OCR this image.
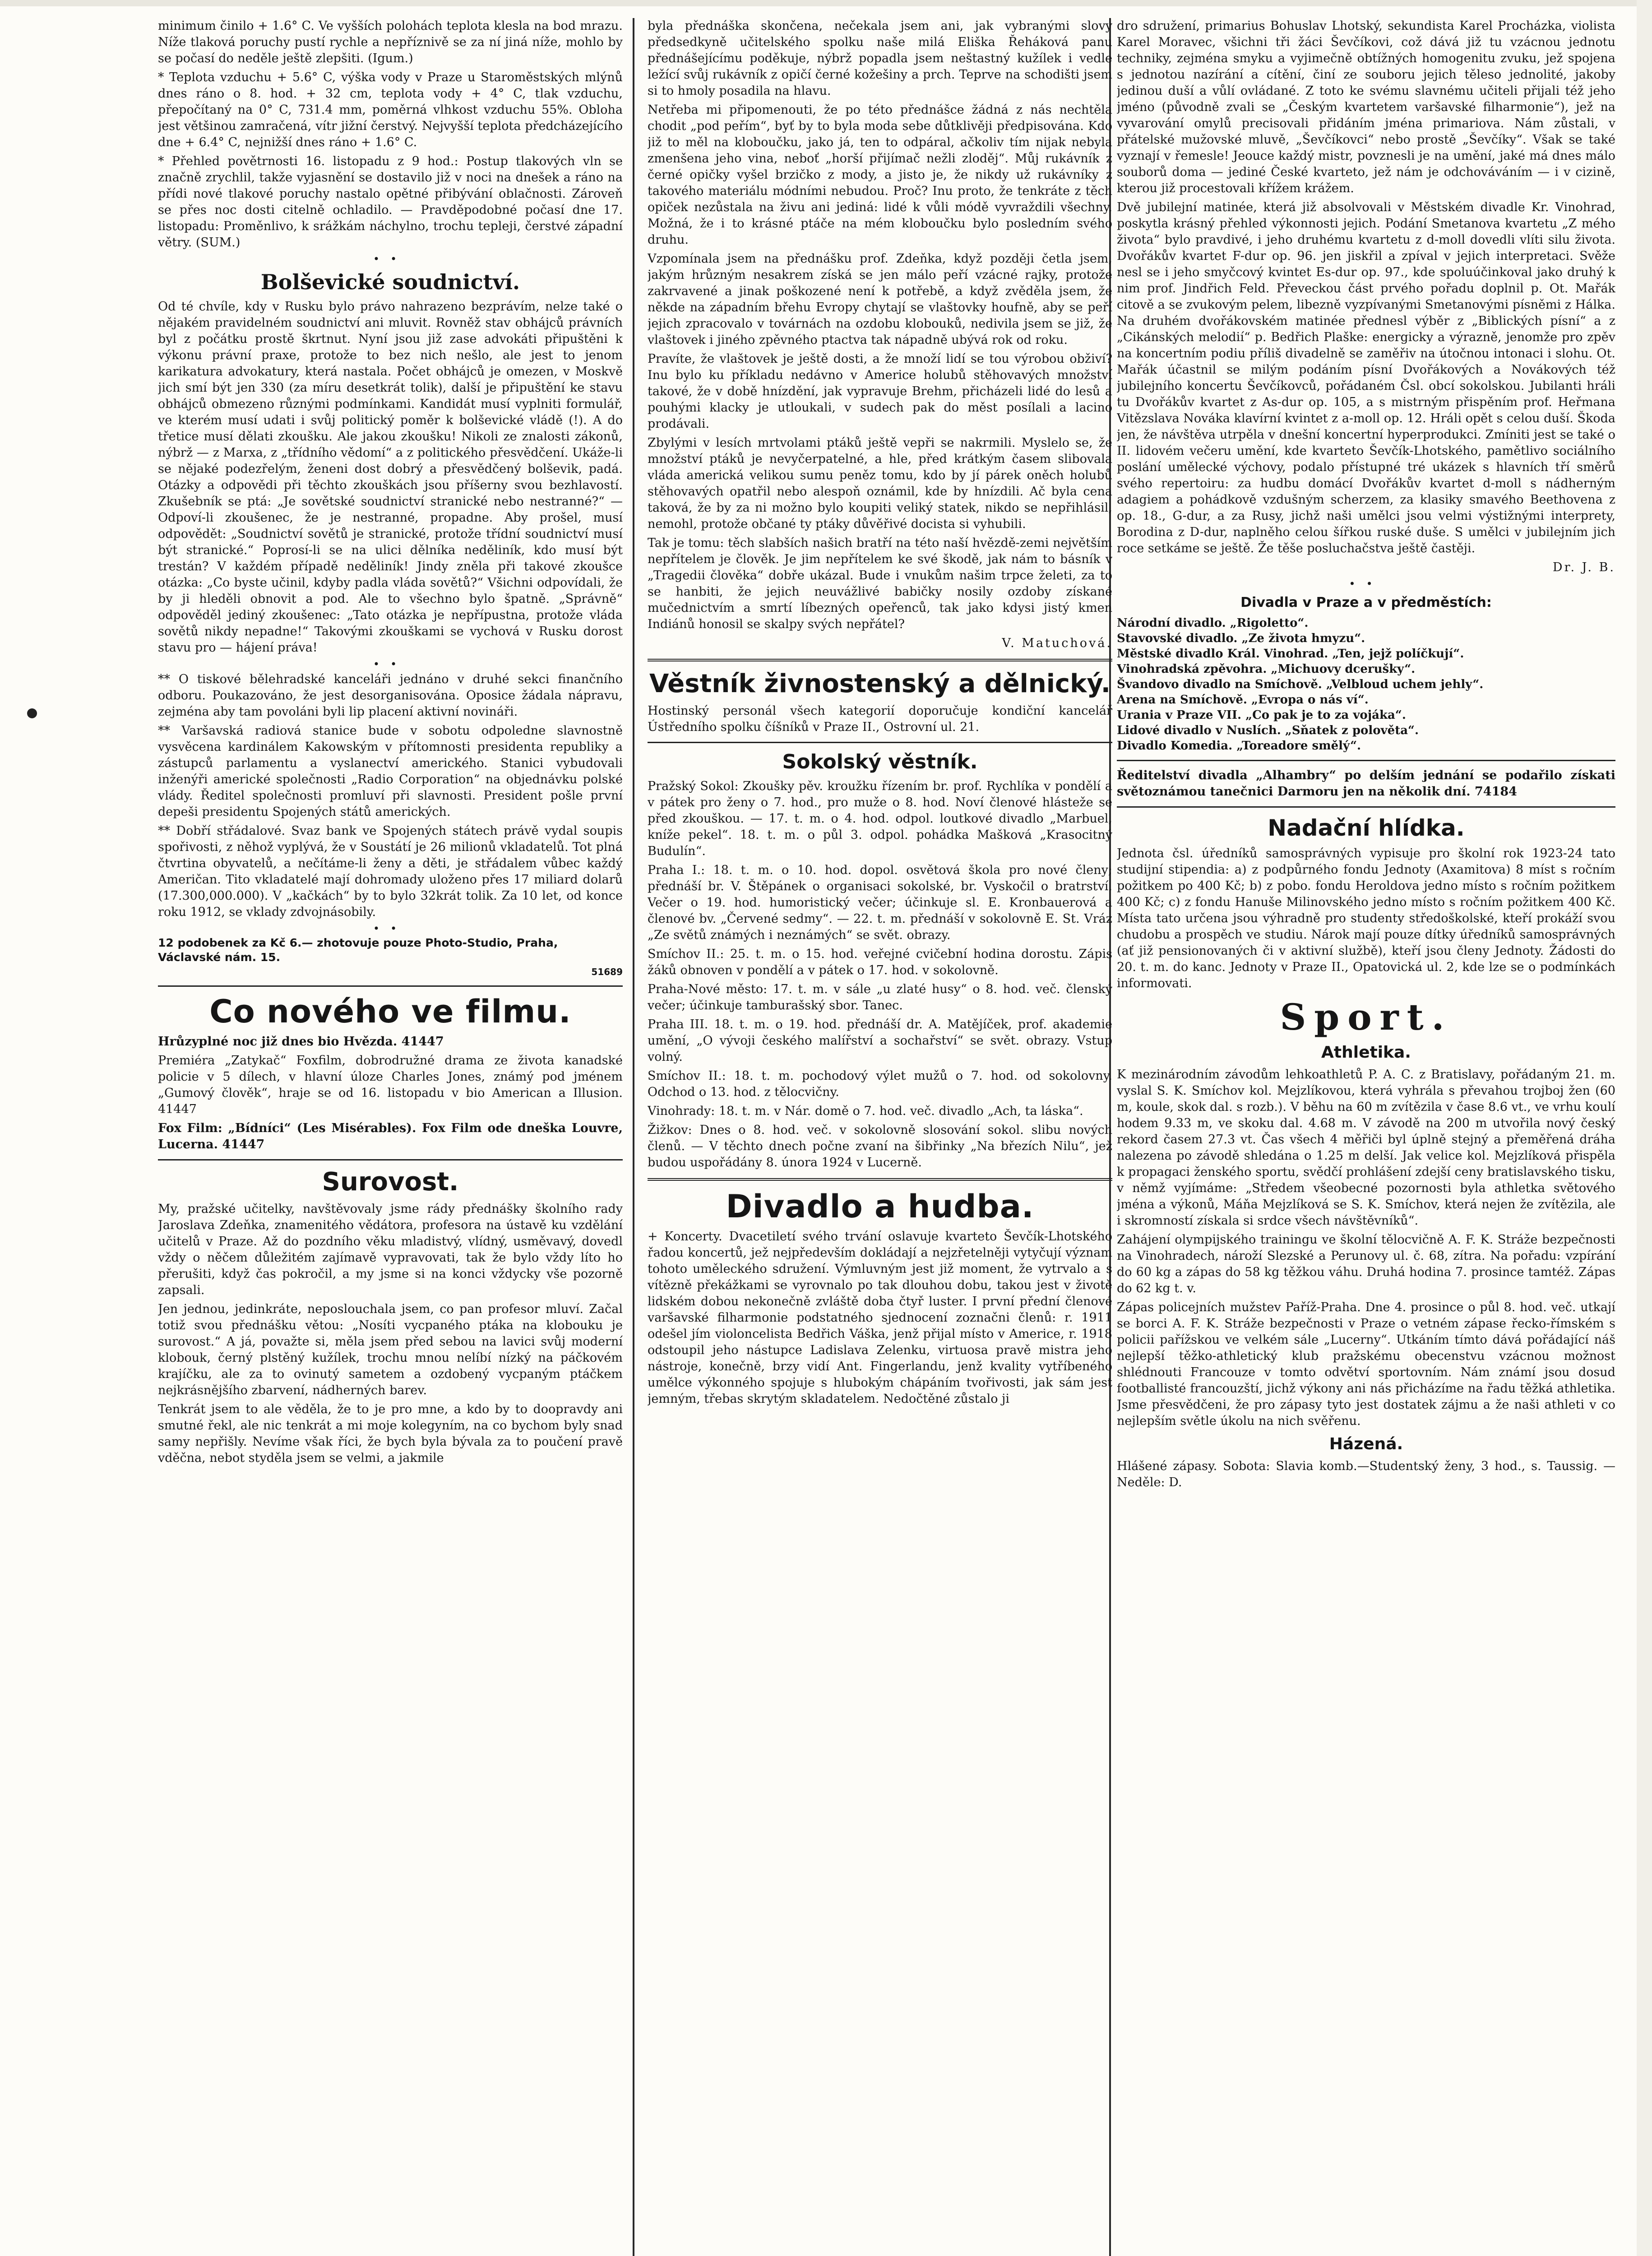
minimum činilo + 1.6° C. Ve vyšších polohách teplota klesla na bod mrazu. Níže tlaková poruchy pustí rychle a nepříznivě se za ní jiná níže, mohlo by se počasí do neděle ještě zlepšiti. (Igum.)

* Teplota vzduchu + 5.6° C, výška vody v Praze u Staroměstských mlýnů dnes ráno o 8. hod. + 32 cm, teplota vody + 4° C, tlak vzduchu, přepočítaný na 0° C, 731.4 mm, poměrná vlhkost vzduchu 55%. Obloha jest většinou zamračená, vítr jižní čerstvý. Nejvyšší teplota předcházejícího dne + 6.4° C, nejnižší dnes ráno + 1.6° C.

* Přehled povětrnosti 16. listopadu z 9 hod.: Postup tlakových vln se značně zrychlil, takže vyjasnění se dostavilo již v noci na dnešek a ráno na přídi nové tlakové poruchy nastalo opětné přibývání oblačnosti. Zároveň se přes noc dosti citelně ochladilo. — Pravděpodobné počasí dne 17. listopadu: Proměnlivo, k srážkám náchylno, trochu tepleji, čerstvé západní větry. (SUM.)

••
Bolševické soudnictví.

Od té chvíle, kdy v Rusku bylo právo nahrazeno bezprávím, nelze také o nějakém pravidelném soudnictví ani mluvit. Rovněž stav obhájců právních byl z počátku prostě škrtnut. Nyní jsou již zase advokáti připuštěni k výkonu právní praxe, protože to bez nich nešlo, ale jest to jenom karikatura advokatury, která nastala. Počet obhájců je omezen, v Moskvě jich smí být jen 330 (za míru desetkrát tolik), další je připuštění ke stavu obhájců obmezeno různými podmínkami. Kandidát musí vyplniti formulář, ve kterém musí udati i svůj politický poměr k bolševické vládě (!). A do třetice musí dělati zkoušku. Ale jakou zkoušku! Nikoli ze znalosti zákonů, nýbrž — z Marxa, z „třídního vědomí“ a z politického přesvědčení. Ukáže-li se nějaké podezřelým, ženeni dost dobrý a přesvědčený bolševik, padá. Otázky a odpovědi při těchto zkouškách jsou příšerny svou bezhlavostí. Zkušebník se ptá: „Je sovětské soudnictví stranické nebo nestranné?“ — Odpoví-li zkoušenec, že je nestranné, propadne. Aby prošel, musí odpovědět: „Soudnictví sovětů je stranické, protože třídní soudnictví musí být stranické.“ Poprosí-li se na ulici dělníka neděliník, kdo musí být trestán? V každém případě neděliník! Jindy zněla při takové zkoušce otázka: „Co byste učinil, kdyby padla vláda sovětů?“ Všichni odpovídali, že by ji hleděli obnovit a pod. Ale to všechno bylo špatně. „Správně“ odpověděl jediný zkoušenec: „Tato otázka je nepřípustna, protože vláda sovětů nikdy nepadne!“ Takovými zkouškami se vychová v Rusku dorost stavu pro — hájení práva!

••

** O tiskové bělehradské kanceláři jednáno v druhé sekci finančního odboru. Poukazováno, že jest desorganisována. Oposice žádala nápravu, zejména aby tam povoláni byli lip placení aktivní novináři.

** Varšavská radiová stanice bude v sobotu odpoledne slavnostně vysvěcena kardinálem Kakowským v přítomnosti presidenta republiky a zástupců parlamentu a vyslanectví amerického. Stanici vybudovali inženýři americké společnosti „Radio Corporation“ na objednávku polské vlády. Ředitel společnosti promluví při slavnosti. President pošle první depeši presidentu Spojených států amerických.

** Dobří střádalové. Svaz bank ve Spojených státech právě vydal soupis spořivosti, z něhož vyplývá, že v Soustátí je 26 milionů vkladatelů. Tot plná čtvrtina obyvatelů, a nečítáme-li ženy a děti, je střádalem vůbec každý Američan. Tito vkladatelé mají dohromady uloženo přes 17 miliard dolarů (17.300,000.000). V „kačkách“ by to bylo 32krát tolik. Za 10 let, od konce roku 1912, se vklady zdvojnásobily.

••
12 podobenek za Kč 6.— zhotovuje pouze Photo-Studio, Praha, Václavské nám. 15.
51689
Co nového ve filmu.

Hrůzyplné noc již dnes bio Hvězda. 41447

Premiéra „Zatykač“ Foxfilm, dobrodružné drama ze života kanadské policie v 5 dílech, v hlavní úloze Charles Jones, známý pod jménem „Gumový člověk“, hraje se od 16. listopadu v bio American a Illusion. 41447

Fox Film: „Bídníci“ (Les Misérables). Fox Film ode dneška Louvre, Lucerna. 41447

Surovost.

My, pražské učitelky, navštěvovaly jsme rády přednášky školního rady Jaroslava Zdeňka, znamenitého vědátora, profesora na ústavě ku vzdělání učitelů v Praze. Až do pozdního věku mladistvý, vlídný, usměvavý, dovedl vždy o něčem důležitém zajímavě vypravovati, tak že bylo vždy líto ho přerušiti, když čas pokročil, a my jsme si na konci vždycky vše pozorně zapsali.

Jen jednou, jedinkráte, neposlouchala jsem, co pan profesor mluví. Začal totiž svou přednášku větou: „Nosíti vycpaného ptáka na klobouku je surovost.“ A já, považte si, měla jsem před sebou na lavici svůj moderní klobouk, černý plstěný kužílek, trochu mnou nelíbí nízký na páčkovém krajíčku, ale za to ovinutý sametem a ozdobený vycpaným ptáčkem nejkrásnějšího zbarvení, nádherných barev.

Tenkrát jsem to ale věděla, že to je pro mne, a kdo by to doopravdy ani smutné řekl, ale nic tenkrát a mi moje kolegyním, na co bychom byly snad samy nepřišly. Nevíme však říci, že bych byla bývala za to poučení pravě vděčna, nebot styděla jsem se velmi, a jakmile

byla přednáška skončena, nečekala jsem ani, jak vybranými slovy předsedkyně učitelského spolku naše milá Eliška Řeháková panu přednášejícímu poděkuje, nýbrž popadla jsem neštastný kužílek i vedle ležící svůj rukávník z opičí černé kožešiny a prch. Teprve na schodišti jsem si to hmoly posadila na hlavu.

Netřeba mi připomenouti, že po této přednášce žádná z nás nechtěla chodit „pod peřím“, byť by to byla moda sebe důtklivěji předpisována. Kdo již to měl na kloboučku, jako já, ten to odpáral, ačkoliv tím nijak nebyla zmenšena jeho vina, neboť „horší přijímač nežli zloděj“. Můj rukávník z černé opičky vyšel brzičko z mody, a jisto je, že nikdy už rukávníky z takového materiálu módními nebudou. Proč? Inu proto, že tenkráte z těch opiček nezůstala na živu ani jediná: lidé k vůli módě vyvraždili všechny. Možná, že i to krásné ptáče na mém kloboučku bylo posledním svého druhu.

Vzpomínala jsem na přednášku prof. Zdeňka, když později četla jsem, jakým hrůzným nesakrem získá se jen málo peří vzácné rajky, protože zakrvavené a jinak poškozené není k potřebě, a když zvěděla jsem, že někde na západním břehu Evropy chytají se vlaštovky houfně, aby se peří jejich zpracovalo v továrnách na ozdobu klobouků, nedivila jsem se již, že vlaštovek i jiného zpěvného ptactva tak nápadně ubývá rok od roku.

Pravíte, že vlaštovek je ještě dosti, a že množí lidí se tou výrobou obživí? Inu bylo ku příkladu nedávno v Americe holubů stěhovavých množství takové, že v době hnízdění, jak vypravuje Brehm, přicházeli lidé do lesů a pouhými klacky je utloukali, v sudech pak do měst posílali a lacino prodávali.

Zbylými v lesích mrtvolami ptáků ještě vepři se nakrmili. Myslelo se, že množství ptáků je nevyčerpatelné, a hle, před krátkým časem slibovala vláda americká velikou sumu peněz tomu, kdo by jí párek oněch holubů stěhovavých opatřil nebo alespoň oznámil, kde by hnízdili. Ač byla cena taková, že by za ni možno bylo koupiti veliký statek, nikdo se nepřihlásil, nemohl, protože občané ty ptáky důvěřivé docista si vyhubili.

Tak je tomu: těch slabších našich bratří na této naší hvězdě-zemi největším nepřítelem je člověk. Je jim nepřítelem ke své škodě, jak nám to básník v „Tragedii člověka“ dobře ukázal. Bude i vnukům našim trpce želeti, za to se hanbiti, že jejich neuvážlivé babičky nosily ozdoby získané mučednictvím a smrtí líbezných opeřenců, tak jako kdysi jistý kmen Indiánů honosil se skalpy svých nepřátel?

V. Matuchová.
Věstník živnostenský a dělnický.

Hostinský personál všech kategorií doporučuje kondiční kancelář Ústředního spolku číšníků v Praze II., Ostrovní ul. 21.

Sokolský věstník.

Pražský Sokol: Zkoušky pěv. kroužku řízením br. prof. Rychlíka v pondělí a v pátek pro ženy o 7. hod., pro muže o 8. hod. Noví členové hlásteže se před zkouškou. — 17. t. m. o 4. hod. odpol. loutkové divadlo „Marbuel, kníže pekel“. 18. t. m. o půl 3. odpol. pohádka Mašková „Krasocitný Budulín“.

Praha I.: 18. t. m. o 10. hod. dopol. osvětová škola pro nové členy; přednáší br. V. Štěpánek o organisaci sokolské, br. Vyskočil o bratrství. Večer o 19. hod. humoristický večer; účinkuje sl. E. Kronbauerová a členové bv. „Červené sedmy“. — 22. t. m. přednáší v sokolovně E. St. Vráz „Ze světů známých i neznámých“ se svět. obrazy.

Smíchov II.: 25. t. m. o 15. hod. veřejné cvičební hodina dorostu. Zápis žáků obnoven v pondělí a v pátek o 17. hod. v sokolovně.

Praha-Nové město: 17. t. m. v sále „u zlaté husy“ o 8. hod. več. členský večer; účinkuje tamburašský sbor. Tanec.

Praha III. 18. t. m. o 19. hod. přednáší dr. A. Matějíček, prof. akademie umění, „O vývoji českého malířství a sochařství“ se svět. obrazy. Vstup volný.

Smíchov II.: 18. t. m. pochodový výlet mužů o 7. hod. od sokolovny. Odchod o 13. hod. z tělocvičny.

Vinohrady: 18. t. m. v Nár. domě o 7. hod. več. divadlo „Ach, ta láska“.

Žižkov: Dnes o 8. hod. več. v sokolovně slosování sokol. slibu nových členů. — V těchto dnech počne zvaní na šibřinky „Na březích Nilu“, jež budou uspořádány 8. února 1924 v Lucerně.

Divadlo a hudba.

+ Koncerty. Dvacetiletí svého trvání oslavuje kvarteto Ševčík-Lhotského řadou koncertů, jež nejpředevším dokládají a nejzřetelněji vytyčují význam tohoto uměleckého sdružení. Výmluvným jest již moment, že vytrvalo a s vítězně překážkami se vyrovnalo po tak dlouhou dobu, takou jest v životě lidském dobou nekonečně zvláště doba čtyř luster. I první přední členové varšavské filharmonie podstatného sjednocení zoznačni členů: r. 1911 odešel jím violoncelista Bedřich Váška, jenž přijal místo v Americe, r. 1918 odstoupil jeho nástupce Ladislava Zelenku, virtuosa pravě mistra jeho nástroje, konečně, brzy vidí Ant. Fingerlandu, jenž kvality vytříbeného umělce výkonného spojuje s hlubokým chápáním tvořivosti, jak sám jest jemným, třebas skrytým skladatelem. Nedočtěné zůstalo ji

dro sdružení, primarius Bohuslav Lhotský, sekundista Karel Procházka, violista Karel Moravec, všichni tři žáci Ševčíkovi, což dává již tu vzácnou jednotu techniky, zejména smyku a vyjimečně obtížných homogenitu zvuku, jež spojena s jednotou nazírání a cítění, činí ze souboru jejich těleso jednolité, jakoby jedinou duší a vůlí ovládané. Z toto ke svému slavnému učiteli přijali též jeho jméno (původně zvali se „Českým kvartetem varšavské filharmonie“), jež na vyvarování omylů precisovali přidáním jména primariova. Nám zůstali, v přátelské mužovské mluvě, „Ševčíkovci“ nebo prostě „Ševčíky“. Však se také vyznají v řemesle! Jeouce každý mistr, povznesli je na umění, jaké má dnes málo souborů doma — jediné České kvarteto, jež nám je odchováváním — i v cizině, kterou již procestovali křížem krážem.

Dvě jubilejní matinée, která již absolvovali v Městském divadle Kr. Vinohrad, poskytla krásný přehled výkonnosti jejich. Podání Smetanova kvartetu „Z mého života“ bylo pravdivé, i jeho druhému kvartetu z d-moll dovedli vlíti silu života. Dvořákův kvartet F-dur op. 96. jen jiskřil a zpíval v jejich interpretaci. Svěže nesl se i jeho smyčcový kvintet Es-dur op. 97., kde spoluúčinkoval jako druhý k nim prof. Jindřich Feld. Převeckou část prvého pořadu doplnil p. Ot. Mařák citově a se zvukovým pelem, libezně vyzpívanými Smetanovými písněmi z Hálka. Na druhém dvořákovském matinée přednesl výběr z „Biblických písní“ a z „Cikánských melodií“ p. Bedřich Plaške: energicky a výrazně, jenomže pro zpěv na koncertním podiu příliš divadelně se zaměřiv na útočnou intonaci i slohu. Ot. Mařák účastnil se milým podáním písní Dvořákových a Novákových též jubilejního koncertu Ševčíkovců, pořádaném Čsl. obcí sokolskou. Jubilanti hráli tu Dvořákův kvartet z As-dur op. 105, a s mistrným přispěním prof. Heřmana Vitězslava Nováka klavírní kvintet z a-moll op. 12. Hráli opět s celou duší. Škoda jen, že návštěva utrpěla v dnešní koncertní hyperprodukci. Zmíniti jest se také o II. lidovém večeru umění, kde kvarteto Ševčík-Lhotského, pamětlivo sociálního poslání umělecké výchovy, podalo přístupné tré ukázek s hlavních tří směrů svého repertoiru: za hudbu domácí Dvořákův kvartet d-moll s nádherným adagiem a pohádkově vzdušným scherzem, za klasiky smavého Beethovena z op. 18., G-dur, a za Rusy, jichž naši umělci jsou velmi výstižnými interprety, Borodina z D-dur, naplněho celou šířkou ruské duše. S umělci v jubilejním jich roce setkáme se ještě. Že těše posluchačstva ještě častěji.

Dr. J. B.
••
Divadla v Praze a v předměstích:

Národní divadlo. „Rigoletto“.

Stavovské divadlo. „Ze života hmyzu“.

Městské divadlo Král. Vinohrad. „Ten, jejž políčkují“.

Vinohradská zpěvohra. „Michuovy dcerušky“.

Švandovo divadlo na Smíchově. „Velbloud uchem jehly“.

Arena na Smíchově. „Evropa o nás ví“.

Urania v Praze VII. „Co pak je to za vojáka“.

Lidové divadlo v Nuslích. „Sňatek z polověta“.

Divadlo Komedia. „Toreadore smělý“.

Ředitelství divadla „Alhambry“ po delším jednání se podařilo získati světoznámou tanečnici Darmoru jen na několik dní. 74184

Nadační hlídka.

Jednota čsl. úředníků samosprávných vypisuje pro školní rok 1923-24 tato studijní stipendia: a) z podpůrného fondu Jednoty (Axamitova) 8 míst s ročním požitkem po 400 Kč; b) z pobo. fondu Heroldova jedno místo s ročním požitkem 400 Kč; c) z fondu Hanuše Milinovského jedno místo s ročním požitkem 400 Kč. Místa tato určena jsou výhradně pro studenty středoškolské, kteří prokáží svou chudobu a prospěch ve studiu. Nárok mají pouze dítky úředníků samosprávných (ať již pensionovaných či v aktivní službě), kteří jsou členy Jednoty. Žádosti do 20. t. m. do kanc. Jednoty v Praze II., Opatovická ul. 2, kde lze se o podmínkách informovati.

Sport.
Athletika.

K mezinárodním závodům lehkoathletů P. A. C. z Bratislavy, pořádaným 21. m. vyslal S. K. Smíchov kol. Mejzlíkovou, která vyhrála s převahou trojboj žen (60 m, koule, skok dal. s rozb.). V běhu na 60 m zvítězila v čase 8.6 vt., ve vrhu koulí hodem 9.33 m, ve skoku dal. 4.68 m. V závodě na 200 m utvořila nový český rekord časem 27.3 vt. Čas všech 4 měřiči byl úplně stejný a přeměřená dráha nalezena po závodě shledána o 1.25 m delší. Jak velice kol. Mejzlíková přispěla k propagaci ženského sportu, svědčí prohlášení zdejší ceny bratislavského tisku, v němž vyjímáme: „Středem všeobecné pozornosti byla athletka světového jména a výkonů, Máňa Mejzlíková se S. K. Smíchov, která nejen že zvítězila, ale i skromností získala si srdce všech návštěvníků“.

Zahájení olympijského trainingu ve školní tělocvičně A. F. K. Stráže bezpečnosti na Vinohradech, nároží Slezské a Perunovy ul. č. 68, zítra. Na pořadu: vzpírání do 60 kg a zápas do 58 kg těžkou váhu. Druhá hodina 7. prosince tamtéž. Zápas do 62 kg t. v.

Zápas policejních mužstev Paříž-Praha. Dne 4. prosince o půl 8. hod. več. utkají se borci A. F. K. Stráže bezpečnosti v Praze o vetném zápase řecko-římském s policii pařížskou ve velkém sále „Lucerny“. Utkáním tímto dává pořádající náš nejlepší těžko-athletický klub pražskému obecenstvu vzácnou možnost shlédnouti Francouze v tomto odvětví sportovním. Nám známí jsou dosud footballisté francouzští, jichž výkony ani nás přicházíme na řadu těžká athletika. Jsme přesvědčeni, že pro zápasy tyto jest dostatek zájmu a že naši athleti v co nejlepším světle úkolu na nich svěřenu.

Házená.

Hlášené zápasy. Sobota: Slavia komb.—Studentský ženy, 3 hod., s. Taussig. — Neděle: D.
